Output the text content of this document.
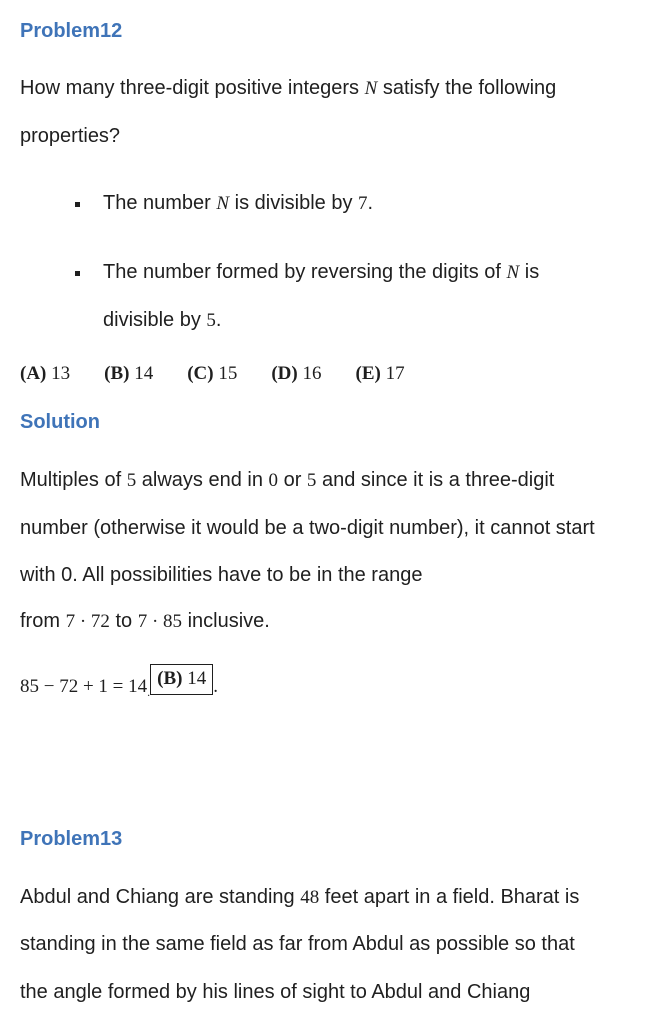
Problem12
How many three-digit positive integers N satisfy the following
properties?
The number N is divisible by 7.
The number formed by reversing the digits of N is
divisible by 5.
(A) 13 (B) 14 (C) 15 (D) 16 (E) 17
Solution
Multiples of 5 always end in 0 or 5 and since it is a three-digit
number (otherwise it would be a two-digit number), it cannot start
with 0. All possibilities have to be in the range
from 7 · 72 to 7 · 85 inclusive.
$85 - 72 + 1 = 14_.(B)$ 14 .
Problem13
Abdul and Chiang are standing 48 feet apart in a field. Bharat is
standing in the same field as far from Abdul as possible so that
the angle formed by his lines of sight to Abdul and Chiang
